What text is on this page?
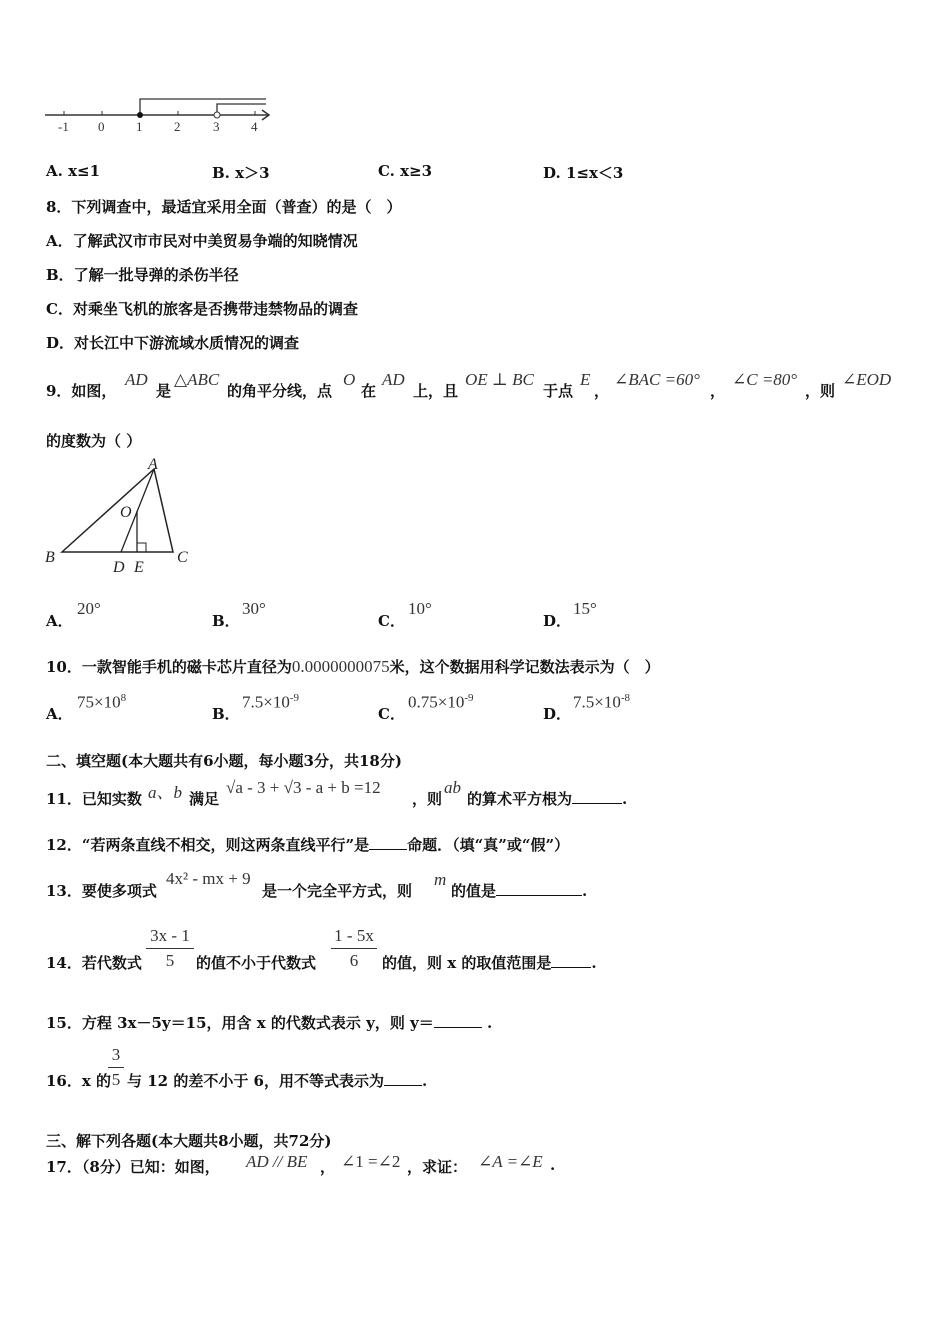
-1 0 1 2	3 4
A. x≤1	B. x＞3	C. x≥3	D. 1≤x＜3
8．下列调查中，最适宜采用全面（普查）的是（　）
A．了解武汉市市民对中美贸易争端的知晓情况
B．了解一批导弹的杀伤半径
C．对乘坐飞机的旅客是否携带违禁物品的调查
D．对长江中下游流域水质情况的调查
9．如图，
AD
是
△ABC
的角平分线，点
O
在
AD
上，且
OE ⊥ BC
于点
E
，
∠BAC =60°
，
∠C =80°
，则
∠EOD
的度数为（ ）
A
O
B
D E
C
A．
20°
B．
30°
C．
10°
D．
15°
10．一款智能手机的磁卡芯片直径为0.0000000075米，这个数据用科学记数法表示为（　）
A．
$75\times 10^8$
B．
$7.5\times 10^{-9}$
C．
$0.75\times 10^{-9}$
D．
$7.5\times 10^{-8}$
二、填空题(本大题共有6小题，每小题3分，共18分)
11．已知实数 a、b 满足
√a - 3 + √3 - a + b =12
，则
ab
的算术平方根为	.
12．“若两条直线不相交，则这两条直线平行”是	命题．（填“真”或“假”）
13．要使多项式
4x² - mx + 9
是一个完全平方式，则
m
的值是	.
14．若代数式
3x - 1
5	的值不小于代数式
1 - 5x
6	的值，则 x 的取值范围是	.
15．方程 3x－5y＝15，用含 x 的代数式表示 y，则 y＝	.
16．x 的
3
5 与 12 的差不小于 6，用不等式表示为	.
三、解下列各题(本大题共8小题，共72分)
17．（8分）已知：如图， AD // BE ， ∠1 =∠2 ，求证： ∠A =∠E .
